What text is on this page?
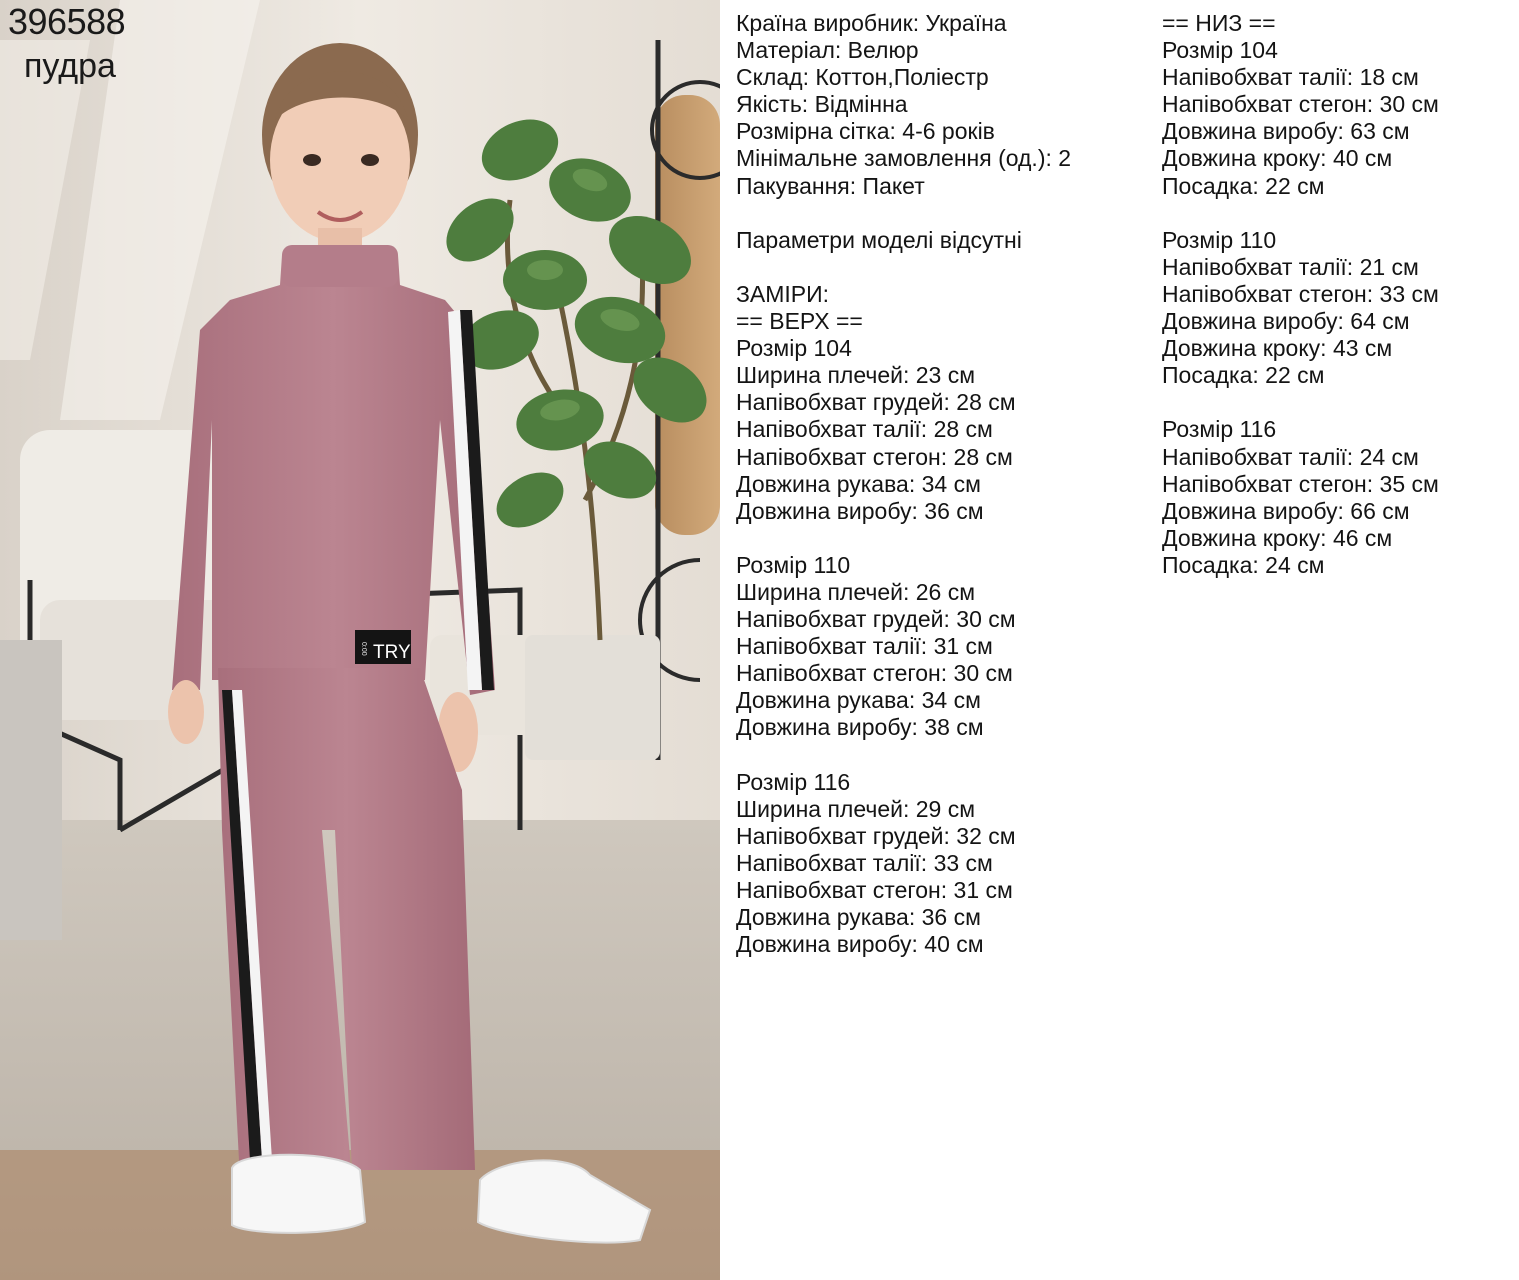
0:00 TRY
396588
пудра
Країна виробник: Україна
Матеріал: Велюр
Склад: Коттон,Поліестр
Якість: Відмінна
Розмірна сітка: 4-6 років
Мінімальне замовлення (од.): 2
Пакування: Пакет
Параметри моделі відсутні
ЗАМІРИ:
== ВЕРХ ==
Розмір 104
Ширина плечей: 23 см
Напівобхват грудей: 28 см
Напівобхват талії: 28 см
Напівобхват стегон: 28 см
Довжина рукава: 34 см
Довжина виробу: 36 см
Розмір 110
Ширина плечей: 26 см
Напівобхват грудей: 30 см
Напівобхват талії: 31 см
Напівобхват стегон: 30 см
Довжина рукава: 34 см
Довжина виробу: 38 см
Розмір 116
Ширина плечей: 29 см
Напівобхват грудей: 32 см
Напівобхват талії: 33 см
Напівобхват стегон: 31 см
Довжина рукава: 36 см
Довжина виробу: 40 см
== НИЗ ==
Розмір 104
Напівобхват талії: 18 см
Напівобхват стегон: 30 см
Довжина виробу: 63 см
Довжина кроку: 40 см
Посадка: 22 см
Розмір 110
Напівобхват талії: 21 см
Напівобхват стегон: 33 см
Довжина виробу: 64 см
Довжина кроку: 43 см
Посадка: 22 см
Розмір 116
Напівобхват талії: 24 см
Напівобхват стегон: 35 см
Довжина виробу: 66 см
Довжина кроку: 46 см
Посадка: 24 см
